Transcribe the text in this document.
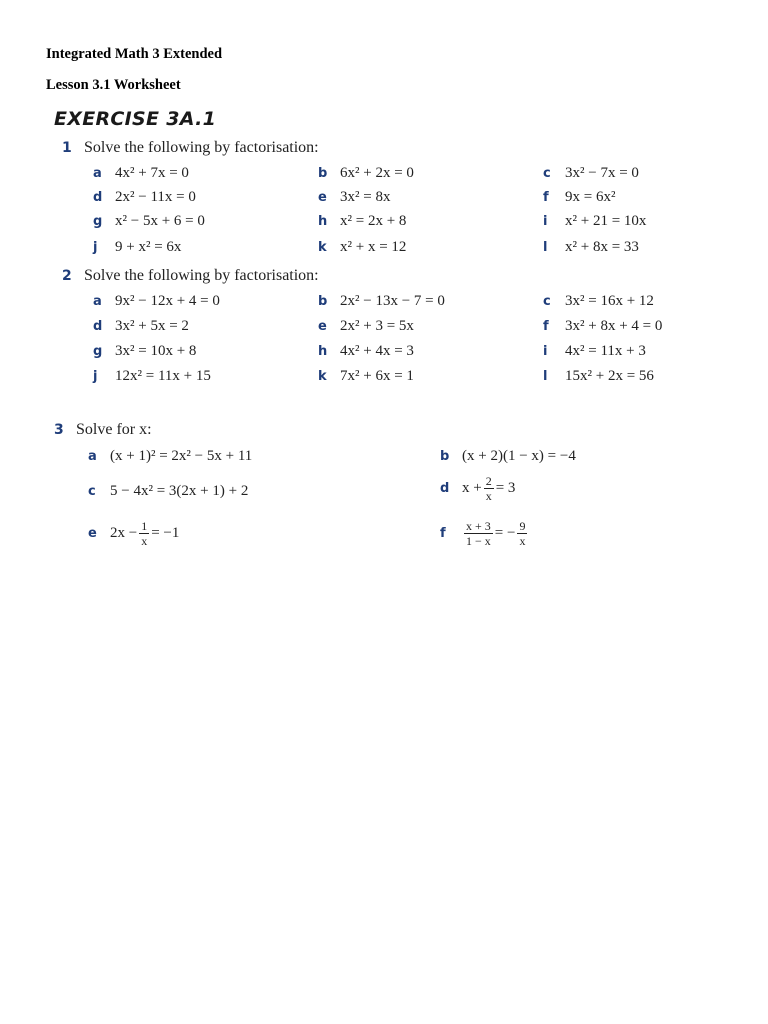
Integrated Math 3 Extended
Lesson 3.1 Worksheet
EXERCISE 3A.1
1 Solve the following by factorisation:
a 4x² + 7x = 0	b 6x² + 2x = 0	c 3x² − 7x = 0
d 2x² − 11x = 0	e 3x² = 8x	f 9x = 6x²
g x² − 5x + 6 = 0	h x² = 2x + 8	i x² + 21 = 10x
j 9 + x² = 6x	k x² + x = 12	l x² + 8x = 33
2 Solve the following by factorisation:
a 9x² − 12x + 4 = 0	b 2x² − 13x − 7 = 0	c 3x² = 16x + 12
d 3x² + 5x = 2	e 2x² + 3 = 5x	f 3x² + 8x + 4 = 0
g 3x² = 10x + 8	h 4x² + 4x = 3	i 4x² = 11x + 3
j 12x² = 11x + 15	k 7x² + 6x = 1	l 15x² + 2x = 56
3 Solve for x:
a (x + 1)² = 2x² − 5x + 11	b (x + 2)(1 − x) = −4
c 5 − 4x² = 3(2x + 1) + 2	d $x + \frac{2}{x} = 3$
e $2x - \frac{1}{x} = -1$	f $\frac{x + 3}{1 - x}$ = − $\frac{9}{x}$
